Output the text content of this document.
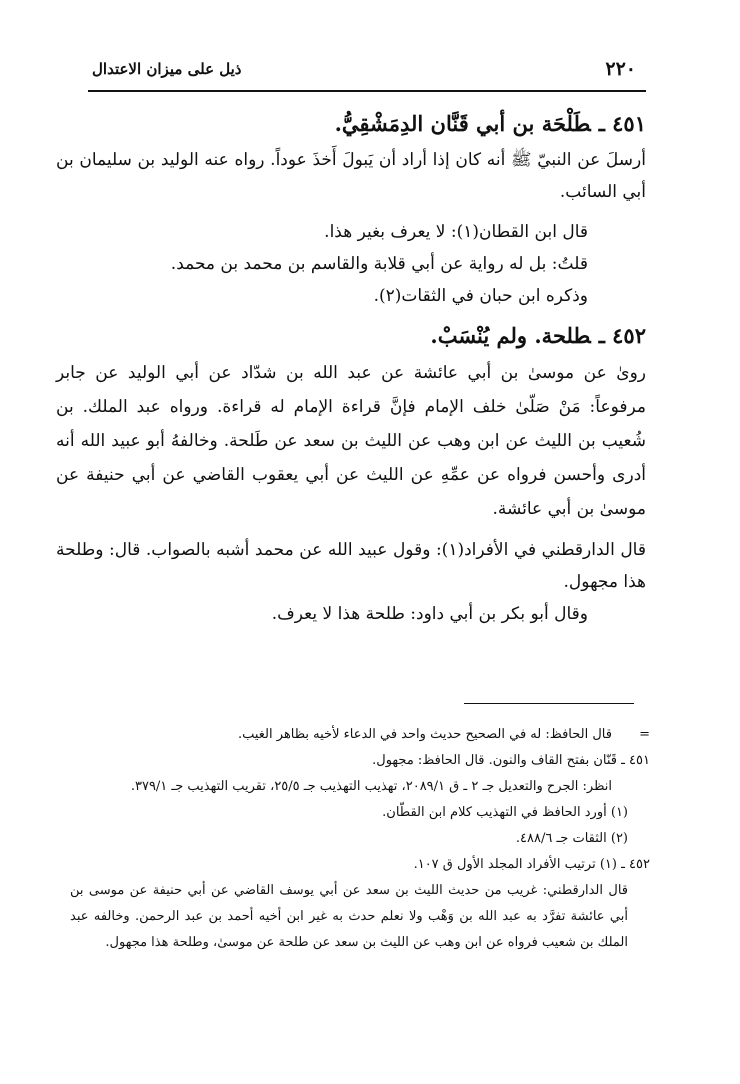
٢٢٠
ذيل على ميزان الاعتدال

٤٥١ ـطَلْحَة بن أبي قَنَّان الدِمَشْقِيُّ.

أرسلَ عن النبيّ ﷺ أنه كان إذا أراد أن يَبولَ أَخذَ عوداً. رواه عنه الوليد بن سليمان بن أبي السائب.

قال ابن القطان(١): لا يعرف بغير هذا.

قلتُ: بل له رواية عن أبي قلابة والقاسم بن محمد بن محمد.

وذكره ابن حبان في الثقات(٢).

٤٥٢ ـطلحة. ولم يُنْسَبْ.

روىٰ عن موسىٰ بن أبي عائشة عن عبد الله بن شدّاد عن أبي الوليد عن جابر مرفوعاً: مَنْ صَلّىٰ خلف الإمام فإنَّ قراءة الإمام له قراءة. ورواه عبد الملك. بن شُعيب بن الليث عن ابن وهب عن الليث بن سعد عن طَلحة. وخالفهُ أبو عبيد الله أنه أدرى وأحسن فرواه عن عمِّهِ عن الليث عن أبي يعقوب القاضي عن أبي حنيفة عن موسىٰ بن أبي عائشة.

قال الدارقطني في الأفراد(١): وقول عبيد الله عن محمد أشبه بالصواب. قال: وطلحة هذا مجهول.

وقال أبو بكر بن أبي داود: طلحة هذا لا يعرف.

=

قال الحافظ: له في الصحيح حديث واحد في الدعاء لأخيه بظاهر الغيب.

٤٥١ ـ قَنّان بفتح القاف والنون. قال الحافظ: مجهول.

انظر: الجرح والتعديل جـ ٢ ـ ق ٢٠٨٩/١، تهذيب التهذيب جـ ٢٥/٥، تقريب التهذيب جـ ٣٧٩/١.

(١) أورد الحافظ في التهذيب كلام ابن القطّان.

(٢) الثقات جـ ٤٨٨/٦.

٤٥٢ ـ (١) ترتيب الأفراد المجلد الأول ق ١٠٧.

قال الدارقطني: غريب من حديث الليث بن سعد عن أبي يوسف القاضي عن أبي حنيفة عن موسى بن أبي عائشة تفرَّد به عبد الله بن وَهْب ولا نعلم حدث به غير ابن أخيه أحمد بن عبد الرحمن. وخالفه عبد الملك بن شعيب فرواه عن ابن وهب عن الليث بن سعد عن طلحة عن موسىٰ، وطلحة هذا مجهول.
